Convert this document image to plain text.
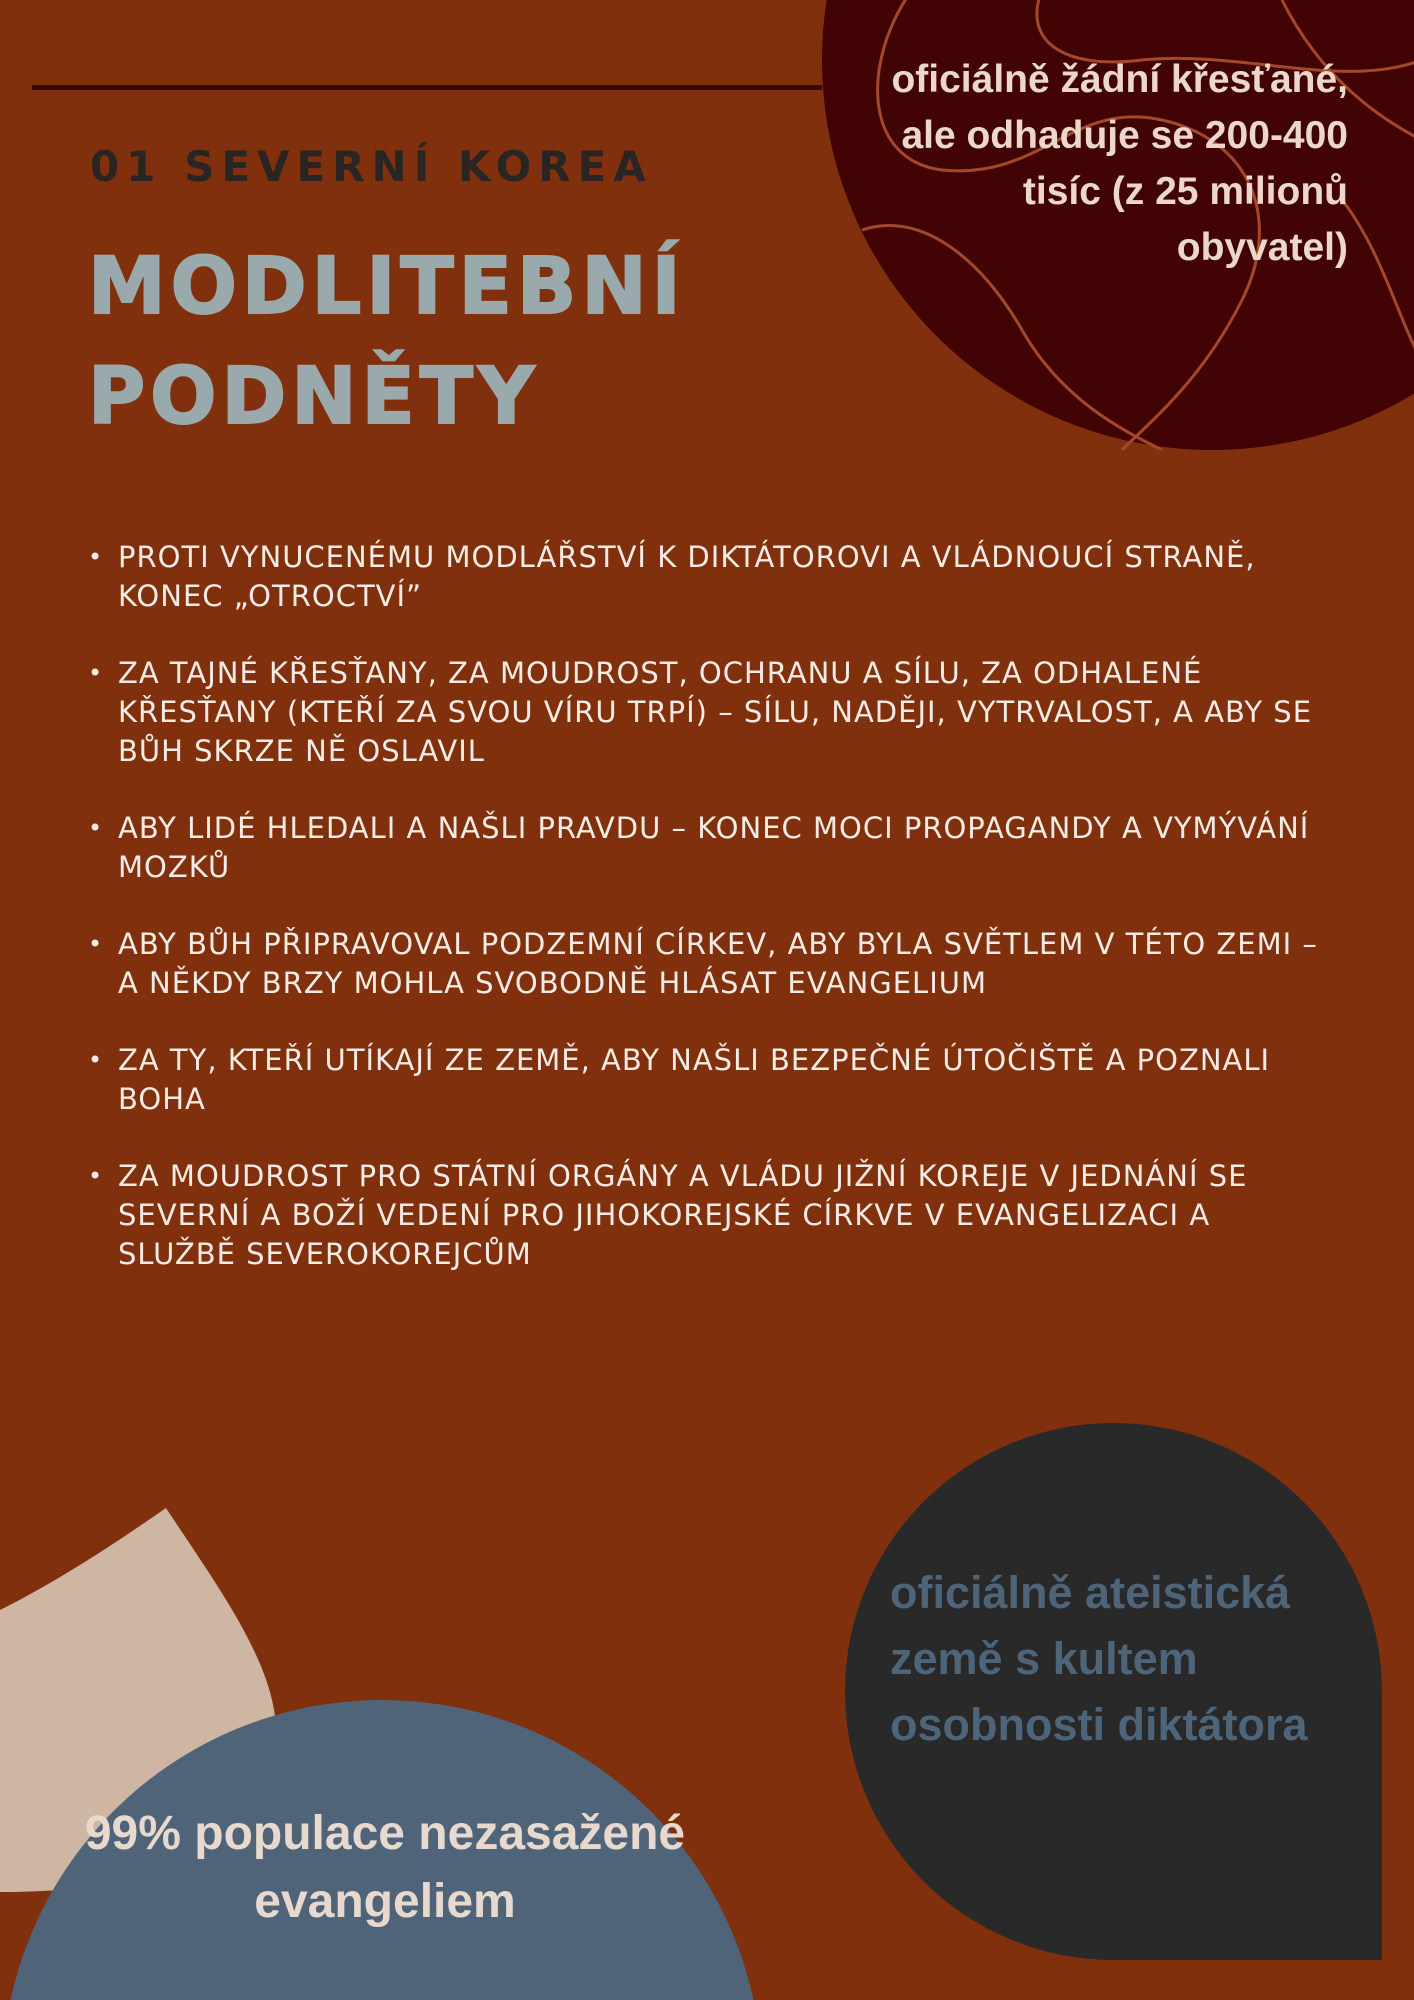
01 SEVERNÍ KOREA
MODLITEBNÍ
PODNĚTY

oficiálně žádní křesťané, ale odhaduje se 200-400 tisíc (z 25 milionů obyvatel)

• PROTI VYNUCENÉMU MODLÁŘSTVÍ K DIKTÁTOROVI A VLÁDNOUCÍ STRANĚ, KONEC „OTROCTVÍ”
• ZA TAJNÉ KŘESŤANY, ZA MOUDROST, OCHRANU A SÍLU, ZA ODHALENÉ KŘESŤANY (KTEŘÍ ZA SVOU VÍRU TRPÍ) – SÍLU, NADĚJI, VYTRVALOST, A ABY SE BŮH SKRZE NĚ OSLAVIL
• ABY LIDÉ HLEDALI A NAŠLI PRAVDU – KONEC MOCI PROPAGANDY A VYMÝVÁNÍ MOZKŮ
• ABY BŮH PŘIPRAVOVAL PODZEMNÍ CÍRKEV, ABY BYLA SVĚTLEM V TÉTO ZEMI – A NĚKDY BRZY MOHLA SVOBODNĚ HLÁSAT EVANGELIUM
• ZA TY, KTEŘÍ UTÍKAJÍ ZE ZEMĚ, ABY NAŠLI BEZPEČNÉ ÚTOČIŠTĚ A POZNALI BOHA
• ZA MOUDROST PRO STÁTNÍ ORGÁNY A VLÁDU JIŽNÍ KOREJE V JEDNÁNÍ SE SEVERNÍ A BOŽÍ VEDENÍ PRO JIHOKOREJSKÉ CÍRKVE V EVANGELIZACI A SLUŽBĚ SEVEROKOREJCŮM

99% populace nezasažené evangeliem

oficiálně ateistická země s kultem osobnosti diktátora
